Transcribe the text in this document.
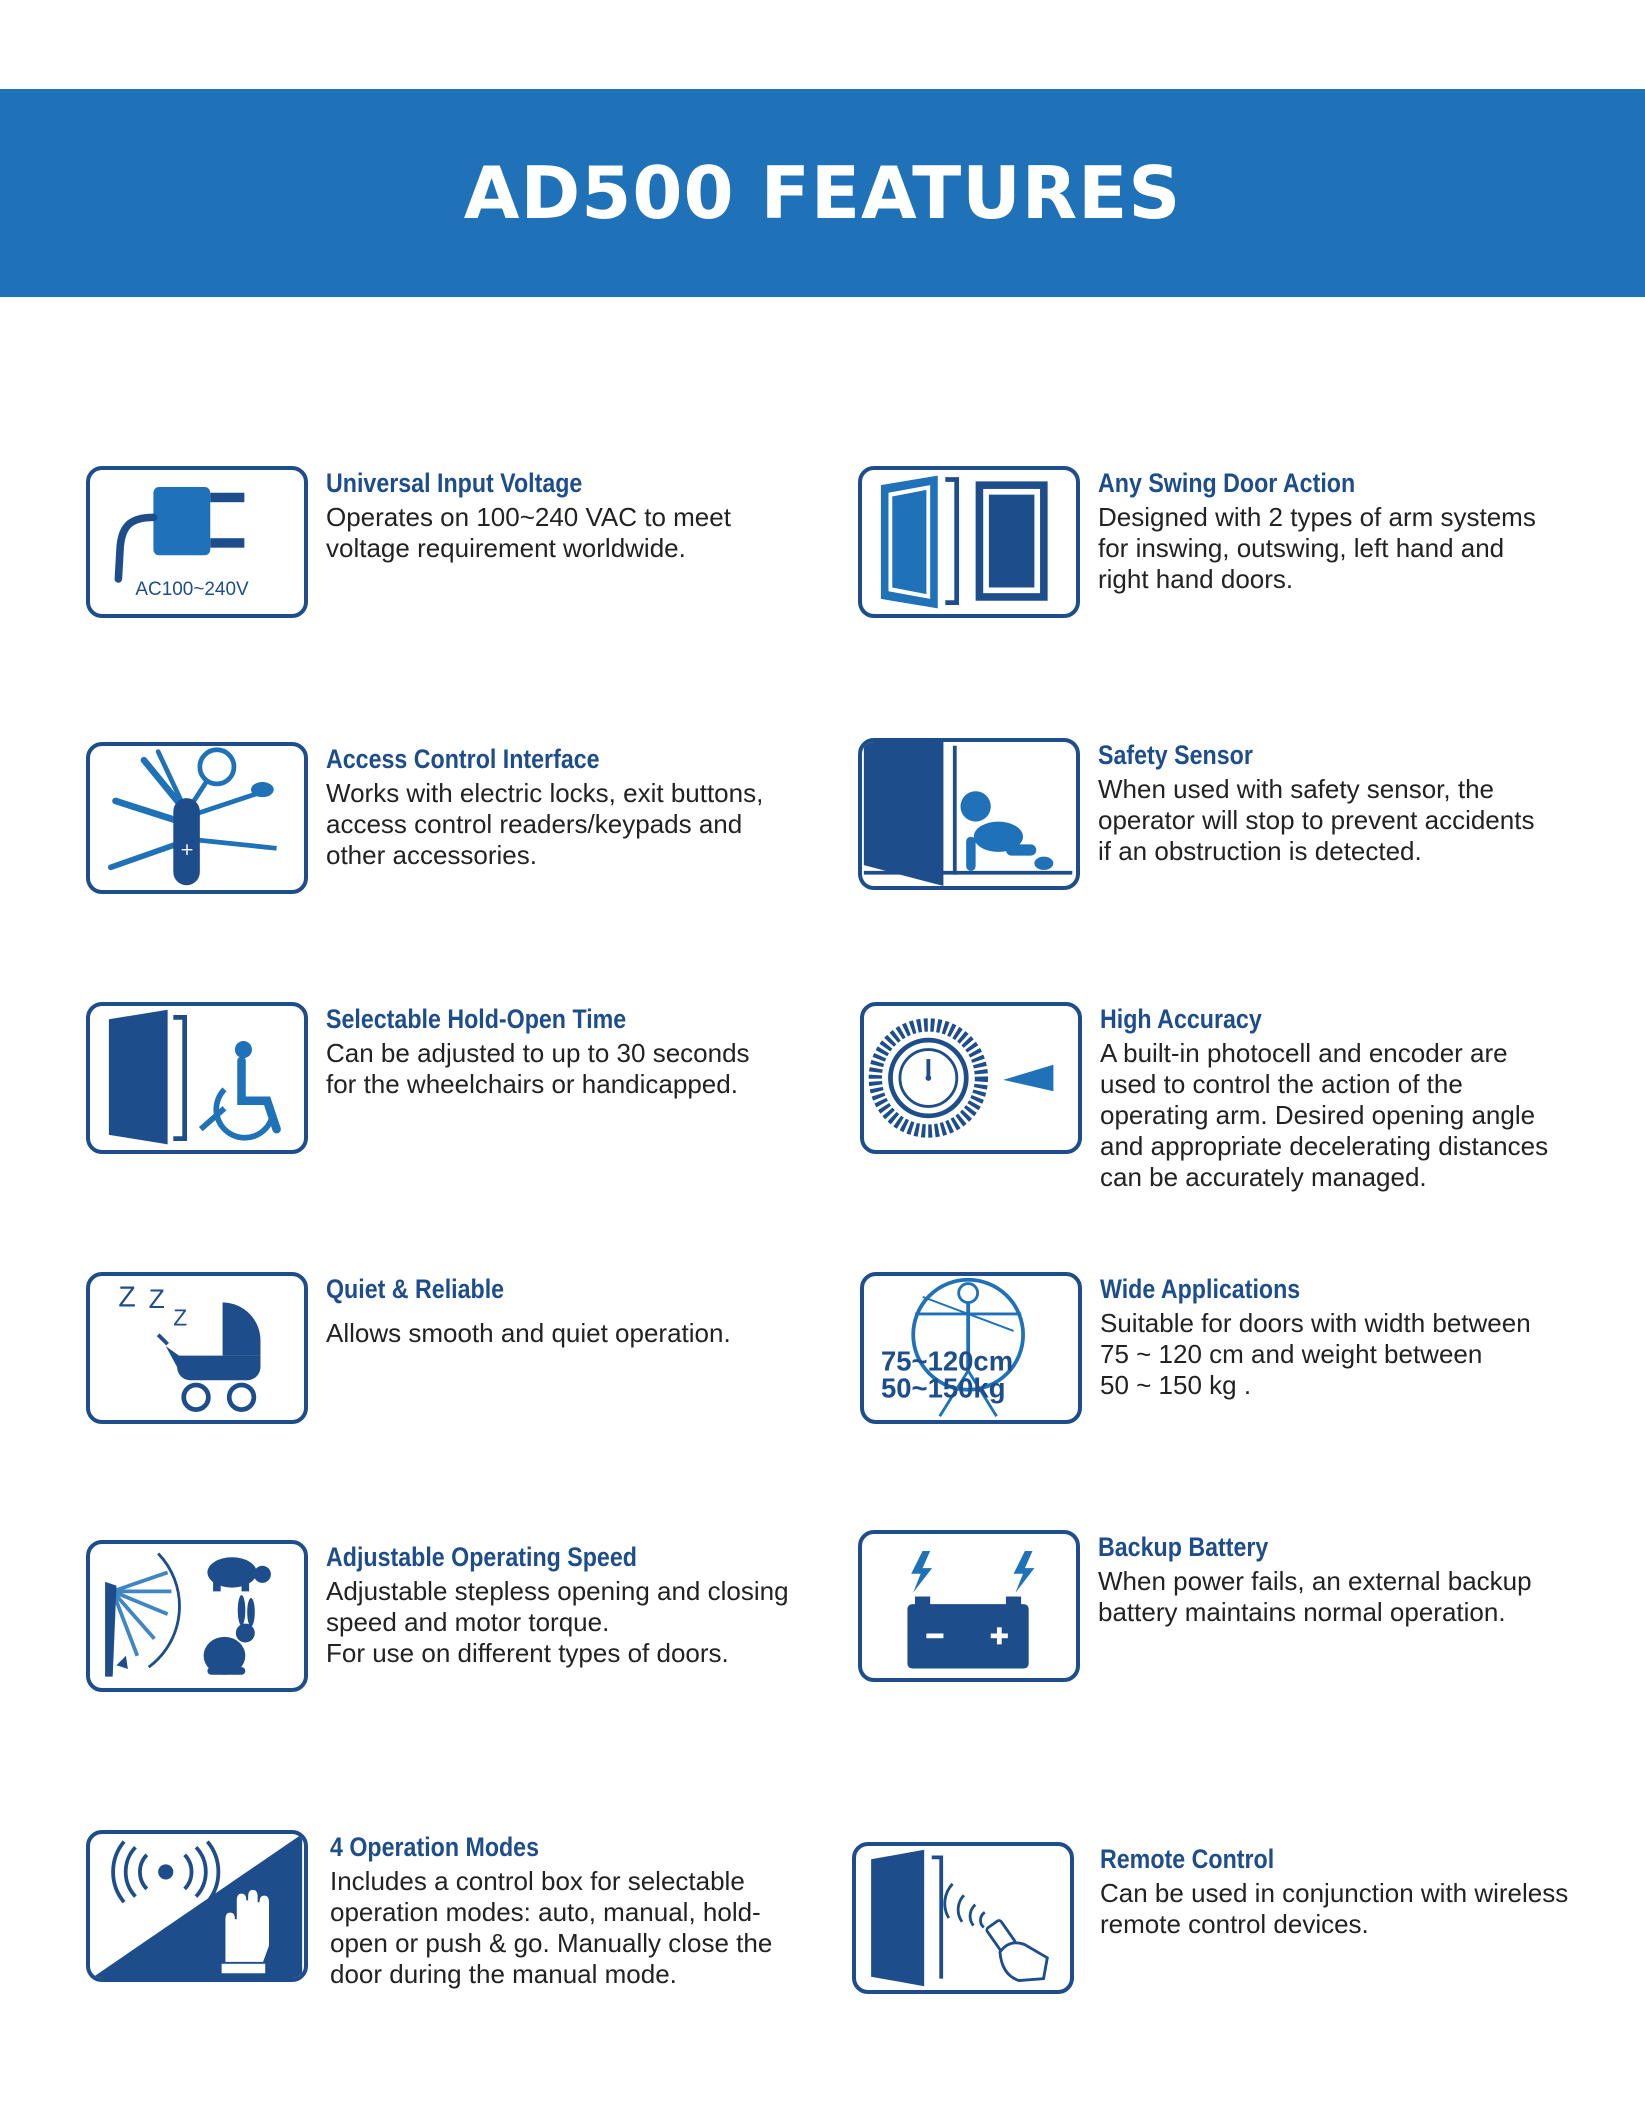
AD500 FEATURES
AC100~240V
Universal Input Voltage
Operates on 100~240 VAC to meet
voltage requirement worldwide.
Any Swing Door Action
Designed with 2 types of arm systems
for inswing, outswing, left hand and
right hand doors.
+
Access Control Interface
Works with electric locks, exit buttons,
access control readers/keypads and
other accessories.
Safety Sensor
When used with safety sensor, the
operator will stop to prevent accidents
if an obstruction is detected.
Selectable Hold-Open Time
Can be adjusted to up to 30 seconds
for the wheelchairs or handicapped.
High Accuracy
A built-in photocell and encoder are
used to control the action of the
operating arm. Desired opening angle
and appropriate decelerating distances
can be accurately managed.
Z Z
Z
Quiet & Reliable
Allows smooth and quiet operation.
75~120cm
50~150kg
Wide Applications
Suitable for doors with width between
75 ~ 120 cm and weight between
50 ~ 150 kg .
Adjustable Operating Speed
Adjustable stepless opening and closing
speed and motor torque.
For use on different types of doors.
Backup Battery
When power fails, an external backup
battery maintains normal operation.
4 Operation Modes
Includes a control box for selectable
operation modes: auto, manual, hold-
open or push & go. Manually close the
door during the manual mode.
Remote Control
Can be used in conjunction with wireless
remote control devices.
